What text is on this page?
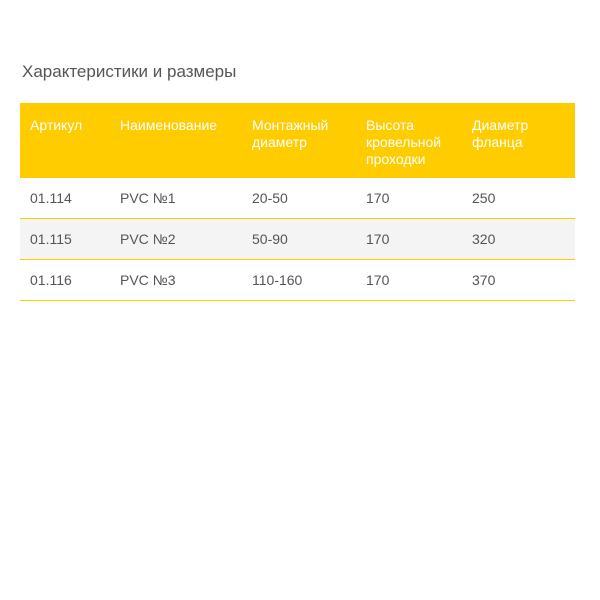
Характеристики и размеры
Артикул	Наименование	Монтажный диаметр	Высота кровельной проходки	Диаметр фланца
01.114	PVC №1	20-50	170	250
01.115	PVC №2	50-90	170	320
01.116	PVC №3	110-160	170	370
